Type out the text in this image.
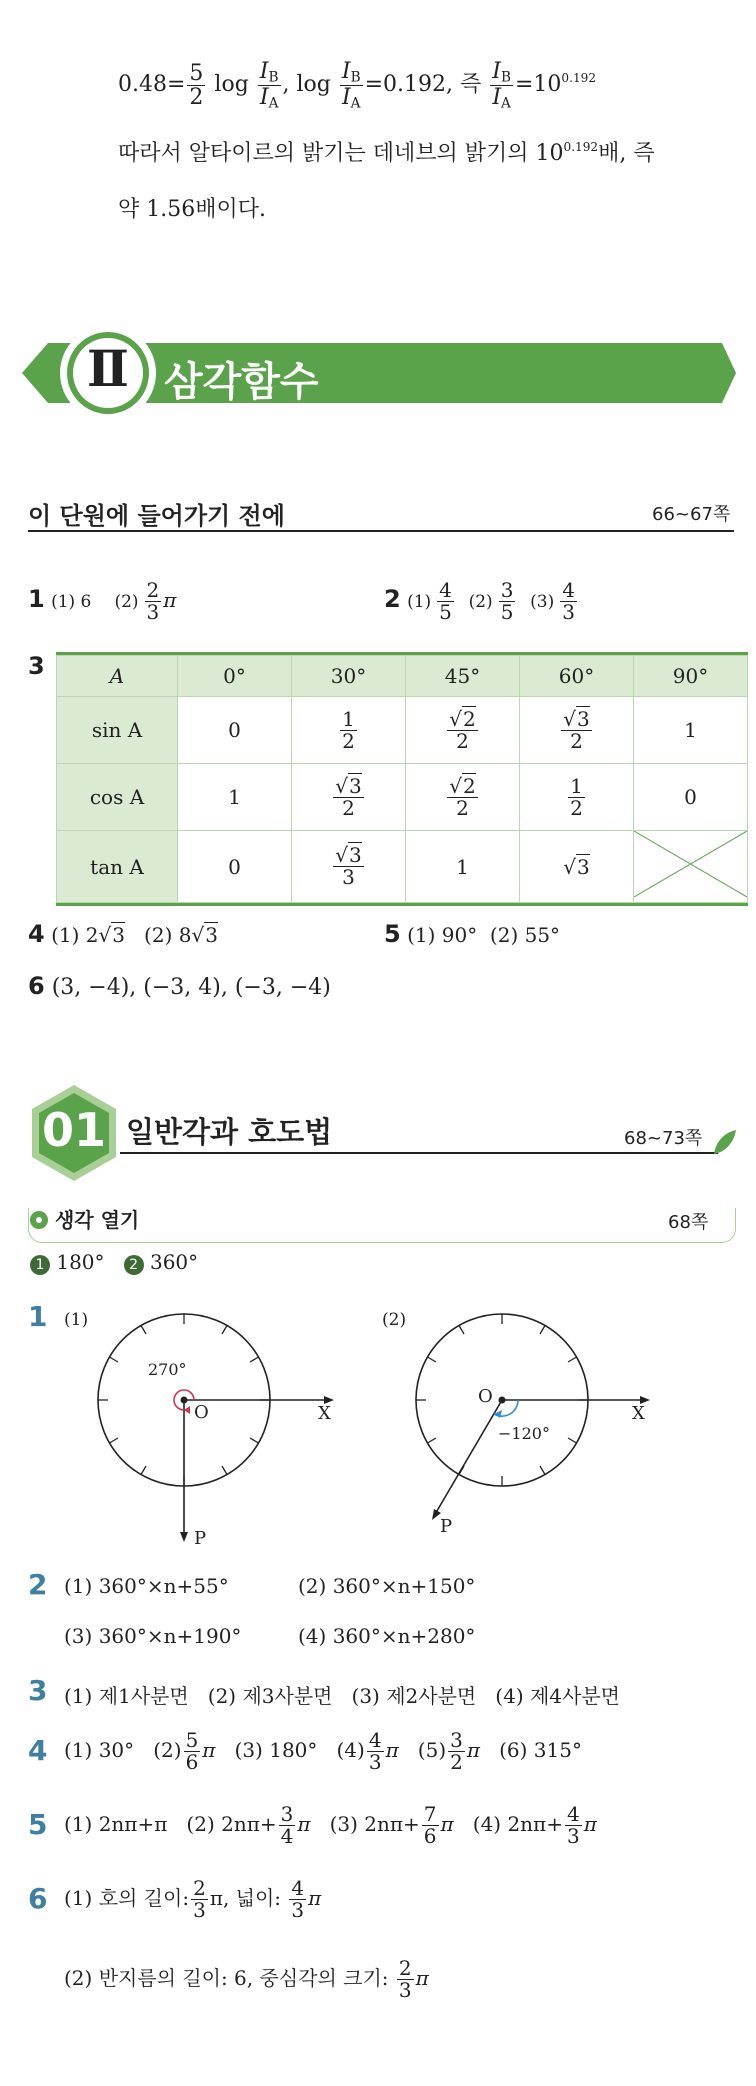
$0.48= \frac{5}{2}$ $\log \frac{I_B}{I_A}$ , $\log \frac{I_B}{I_A} =0.192$, 즉 $\frac{I_B}{I_A} =10^{0.192}$
따라서 알타이르의 밝기는 데네브의 밝기의 $10^{0.192}$배, 즉
약 1.56배이다.
Ⅱ 삼각함수
이 단원에 들어가기 전에	66~67쪽
1 (1) 6 $(2) \frac{2}{3}$ π	2 $(1) \frac{4}{5} (2) \frac{3}{5} (3) \frac{4}{3}$
3	A	0°	30°	45°	60°	90°
sin A	0	$\frac{1}{2}$	$\frac{√2}{2}$	$\frac{√3}{2}$	1
cos A	1	$\frac{√3}{2}$	$\frac{√2}{2}$	$\frac{1}{2}$	0
tan A	0	$\frac{√3}{3}$	1	√3	
4 (1) 2√3 (2) 8√3	5 (1) 90° (2) 55°
6 (3, −4), (−3, 4), (−3, −4)
01 일반각과 호도법	68~73쪽
생각 열기	68쪽
1 180° 2 360°
1 (1)	(2)
270°
O	X
P
O
−120°
X
P
2 (1) 360°×n+55°	(2) 360°×n+150°
(3) 360°×n+190°	(4) 360°×n+280°
3 (1) 제1사분면   (2) 제3사분면   (3) 제2사분면   (4) 제4사분면
4 (1) 30° $(2) \frac{5}{6}$ π (3) 180° $(4) \frac{4}{3}$ π $(5) \frac{3}{2}$ π (6) 315°
5 (1) 2nπ+π (2) $2n\pi+ \frac{3}{4}$ π (3) $2n\pi+ \frac{7}{6}$ π (4) $2n\pi+ \frac{4}{3}$ π
6 (1) 호의 길이: $\frac{2}{3} \pi$, 넓이: $\frac{4}{3}$ π
(2) 반지름의 길이: 6, 중심각의 크기: $\frac{2}{3}$ π
